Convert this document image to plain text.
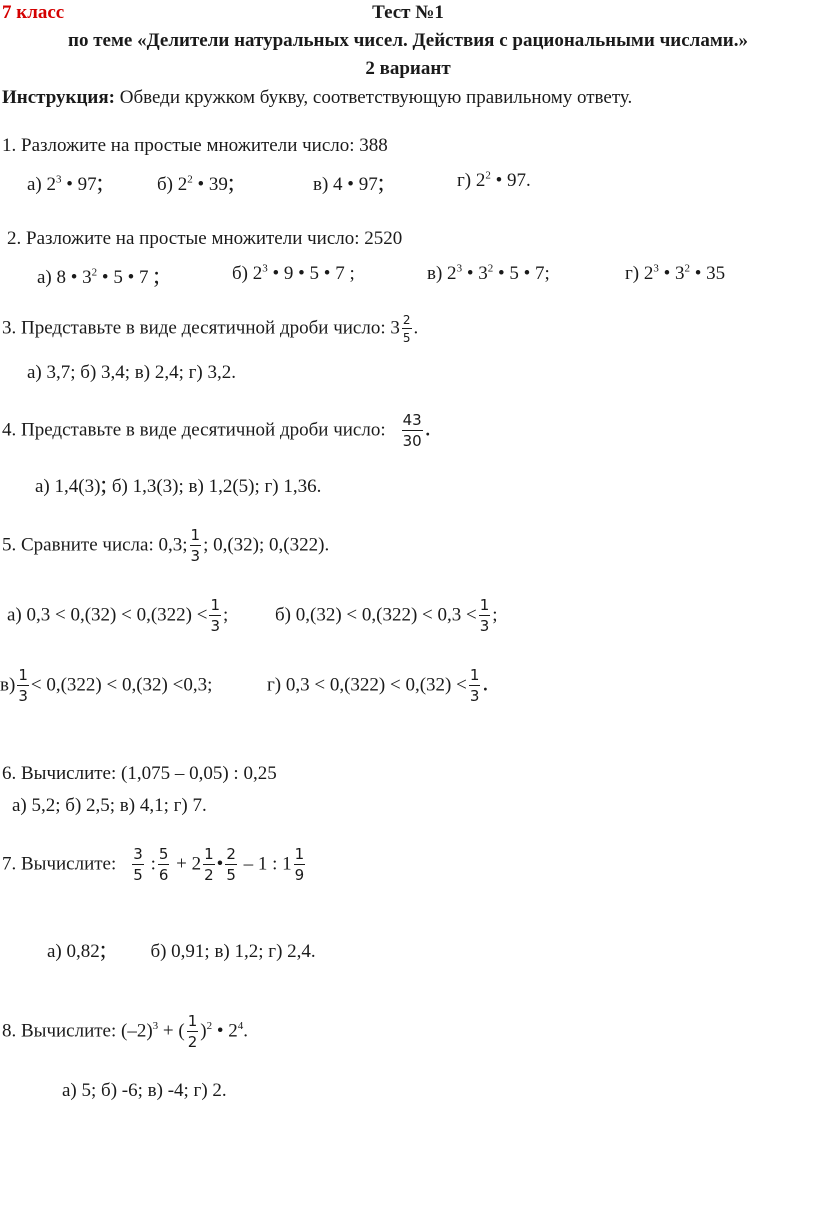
7 класс	Тест №1
по теме «Делители натуральных чисел. Действия с рациональными числами.»
2 вариант
Инструкция: Обведи кружком букву, соответствующую правильному ответу.
1. Разложите на простые множители число: 388
а) $2^3$ • 97;	б) $2^2$ • 39;	в) 4 • 97;	г) $2^2$ • 97.
2. Разложите на простые множители число: 2520
а) 8 • $3^2$ • 5 • 7 ;	б) $2^3$ • 9 • 5 • 7 ;	в) $2^3$ • $3^2$ • 5 • 7;	г) $2^3$ • $3^2$ • 35
3. Представьте в виде десятичной дроби число: $3 \frac{2}{5}$ .
а) 3,7; б) 3,4; в) 2,4; г) 3,2.
4. Представьте в виде десятичной дроби число: $\frac{43}{30}$ .
а) 1,4(3); б) 1,3(3); в) 1,2(5); г) 1,36.
5. Сравните числа: 0,3; $\frac{1}{3}$ ; 0,(32); 0,(322).
а) $0,3 < 0,(32) < 0,(322) < \frac{1}{3}$ ; б) $0,(32) < 0,(322) < 0,3 < \frac{1}{3}$ ;
$в) \frac{1}{3} < 0,(322) < 0,(32) <0,3$;	г) $0,3 < 0,(322) < 0,(32) < \frac{1}{3}$ .
6. Вычислите: (1,075 – 0,05) : 0,25
а) 5,2; б) 2,5; в) 4,1; г) 7.
7. Вычислите: $\frac{3}{5}$ : $\frac{5}{6} + 2 \frac{1}{2}$ • $\frac{2}{5} - 1$ : $1 \frac{1}{9}$
а) 0,82; б) 0,91; в) 1,2; г) 2,4.
8. Вычислите: $(-2)^3$ + ( $\frac{1}{2} )^2$ • $2^4$.
а) 5; б) -6; в) -4; г) 2.
